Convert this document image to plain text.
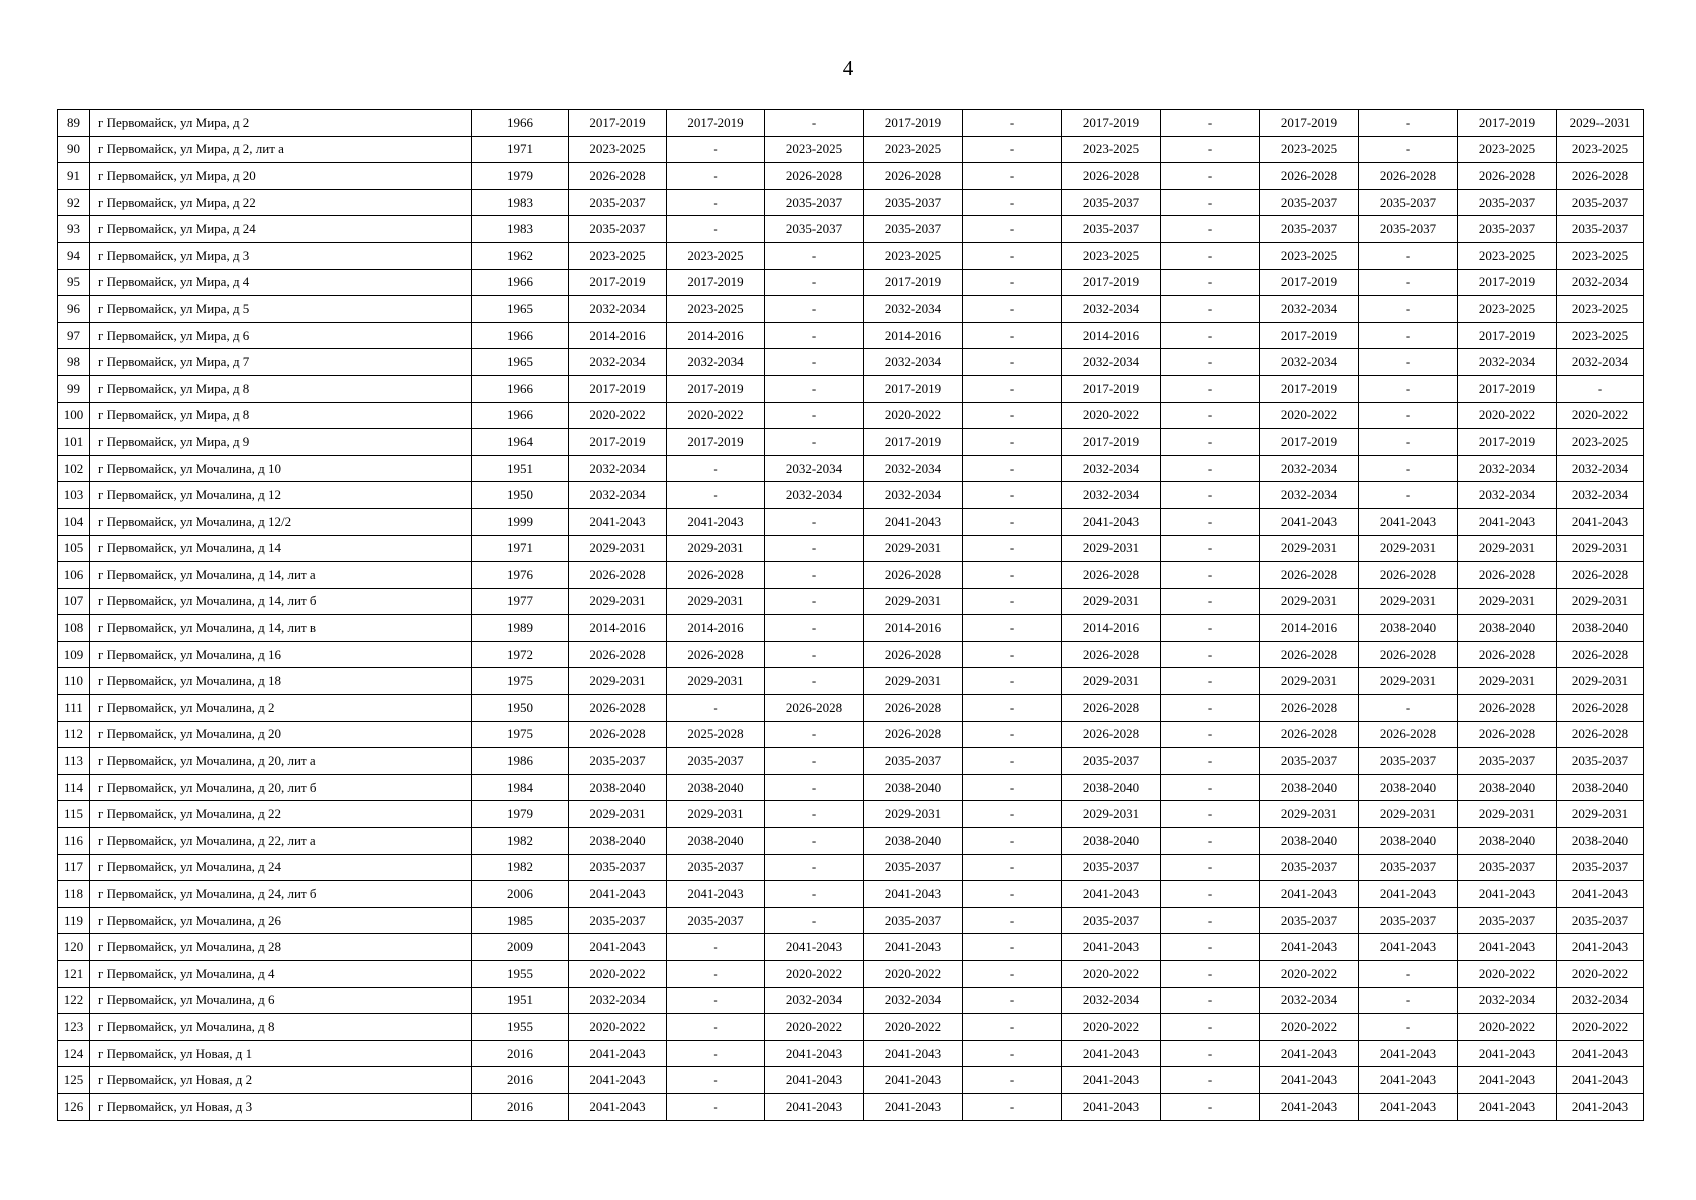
4
89	г Первомайск, ул Мира, д 2	1966	2017-2019	2017-2019	-	2017-2019	-	2017-2019	-	2017-2019	-	2017-2019	2029--2031
90	г Первомайск, ул Мира, д 2, лит а	1971	2023-2025	-	2023-2025	2023-2025	-	2023-2025	-	2023-2025	-	2023-2025	2023-2025
91	г Первомайск, ул Мира, д 20	1979	2026-2028	-	2026-2028	2026-2028	-	2026-2028	-	2026-2028	2026-2028	2026-2028	2026-2028
92	г Первомайск, ул Мира, д 22	1983	2035-2037	-	2035-2037	2035-2037	-	2035-2037	-	2035-2037	2035-2037	2035-2037	2035-2037
93	г Первомайск, ул Мира, д 24	1983	2035-2037	-	2035-2037	2035-2037	-	2035-2037	-	2035-2037	2035-2037	2035-2037	2035-2037
94	г Первомайск, ул Мира, д 3	1962	2023-2025	2023-2025	-	2023-2025	-	2023-2025	-	2023-2025	-	2023-2025	2023-2025
95	г Первомайск, ул Мира, д 4	1966	2017-2019	2017-2019	-	2017-2019	-	2017-2019	-	2017-2019	-	2017-2019	2032-2034
96	г Первомайск, ул Мира, д 5	1965	2032-2034	2023-2025	-	2032-2034	-	2032-2034	-	2032-2034	-	2023-2025	2023-2025
97	г Первомайск, ул Мира, д 6	1966	2014-2016	2014-2016	-	2014-2016	-	2014-2016	-	2017-2019	-	2017-2019	2023-2025
98	г Первомайск, ул Мира, д 7	1965	2032-2034	2032-2034	-	2032-2034	-	2032-2034	-	2032-2034	-	2032-2034	2032-2034
99	г Первомайск, ул Мира, д 8	1966	2017-2019	2017-2019	-	2017-2019	-	2017-2019	-	2017-2019	-	2017-2019	-
100	г Первомайск, ул Мира, д 8	1966	2020-2022	2020-2022	-	2020-2022	-	2020-2022	-	2020-2022	-	2020-2022	2020-2022
101	г Первомайск, ул Мира, д 9	1964	2017-2019	2017-2019	-	2017-2019	-	2017-2019	-	2017-2019	-	2017-2019	2023-2025
102	г Первомайск, ул Мочалина, д 10	1951	2032-2034	-	2032-2034	2032-2034	-	2032-2034	-	2032-2034	-	2032-2034	2032-2034
103	г Первомайск, ул Мочалина, д 12	1950	2032-2034	-	2032-2034	2032-2034	-	2032-2034	-	2032-2034	-	2032-2034	2032-2034
104	г Первомайск, ул Мочалина, д 12/2	1999	2041-2043	2041-2043	-	2041-2043	-	2041-2043	-	2041-2043	2041-2043	2041-2043	2041-2043
105	г Первомайск, ул Мочалина, д 14	1971	2029-2031	2029-2031	-	2029-2031	-	2029-2031	-	2029-2031	2029-2031	2029-2031	2029-2031
106	г Первомайск, ул Мочалина, д 14, лит а	1976	2026-2028	2026-2028	-	2026-2028	-	2026-2028	-	2026-2028	2026-2028	2026-2028	2026-2028
107	г Первомайск, ул Мочалина, д 14, лит б	1977	2029-2031	2029-2031	-	2029-2031	-	2029-2031	-	2029-2031	2029-2031	2029-2031	2029-2031
108	г Первомайск, ул Мочалина, д 14, лит в	1989	2014-2016	2014-2016	-	2014-2016	-	2014-2016	-	2014-2016	2038-2040	2038-2040	2038-2040
109	г Первомайск, ул Мочалина, д 16	1972	2026-2028	2026-2028	-	2026-2028	-	2026-2028	-	2026-2028	2026-2028	2026-2028	2026-2028
110	г Первомайск, ул Мочалина, д 18	1975	2029-2031	2029-2031	-	2029-2031	-	2029-2031	-	2029-2031	2029-2031	2029-2031	2029-2031
111	г Первомайск, ул Мочалина, д 2	1950	2026-2028	-	2026-2028	2026-2028	-	2026-2028	-	2026-2028	-	2026-2028	2026-2028
112	г Первомайск, ул Мочалина, д 20	1975	2026-2028	2025-2028	-	2026-2028	-	2026-2028	-	2026-2028	2026-2028	2026-2028	2026-2028
113	г Первомайск, ул Мочалина, д 20, лит а	1986	2035-2037	2035-2037	-	2035-2037	-	2035-2037	-	2035-2037	2035-2037	2035-2037	2035-2037
114	г Первомайск, ул Мочалина, д 20, лит б	1984	2038-2040	2038-2040	-	2038-2040	-	2038-2040	-	2038-2040	2038-2040	2038-2040	2038-2040
115	г Первомайск, ул Мочалина, д 22	1979	2029-2031	2029-2031	-	2029-2031	-	2029-2031	-	2029-2031	2029-2031	2029-2031	2029-2031
116	г Первомайск, ул Мочалина, д 22, лит а	1982	2038-2040	2038-2040	-	2038-2040	-	2038-2040	-	2038-2040	2038-2040	2038-2040	2038-2040
117	г Первомайск, ул Мочалина, д 24	1982	2035-2037	2035-2037	-	2035-2037	-	2035-2037	-	2035-2037	2035-2037	2035-2037	2035-2037
118	г Первомайск, ул Мочалина, д 24, лит б	2006	2041-2043	2041-2043	-	2041-2043	-	2041-2043	-	2041-2043	2041-2043	2041-2043	2041-2043
119	г Первомайск, ул Мочалина, д 26	1985	2035-2037	2035-2037	-	2035-2037	-	2035-2037	-	2035-2037	2035-2037	2035-2037	2035-2037
120	г Первомайск, ул Мочалина, д 28	2009	2041-2043	-	2041-2043	2041-2043	-	2041-2043	-	2041-2043	2041-2043	2041-2043	2041-2043
121	г Первомайск, ул Мочалина, д 4	1955	2020-2022	-	2020-2022	2020-2022	-	2020-2022	-	2020-2022	-	2020-2022	2020-2022
122	г Первомайск, ул Мочалина, д 6	1951	2032-2034	-	2032-2034	2032-2034	-	2032-2034	-	2032-2034	-	2032-2034	2032-2034
123	г Первомайск, ул Мочалина, д 8	1955	2020-2022	-	2020-2022	2020-2022	-	2020-2022	-	2020-2022	-	2020-2022	2020-2022
124	г Первомайск, ул Новая, д 1	2016	2041-2043	-	2041-2043	2041-2043	-	2041-2043	-	2041-2043	2041-2043	2041-2043	2041-2043
125	г Первомайск, ул Новая, д 2	2016	2041-2043	-	2041-2043	2041-2043	-	2041-2043	-	2041-2043	2041-2043	2041-2043	2041-2043
126	г Первомайск, ул Новая, д 3	2016	2041-2043	-	2041-2043	2041-2043	-	2041-2043	-	2041-2043	2041-2043	2041-2043	2041-2043
